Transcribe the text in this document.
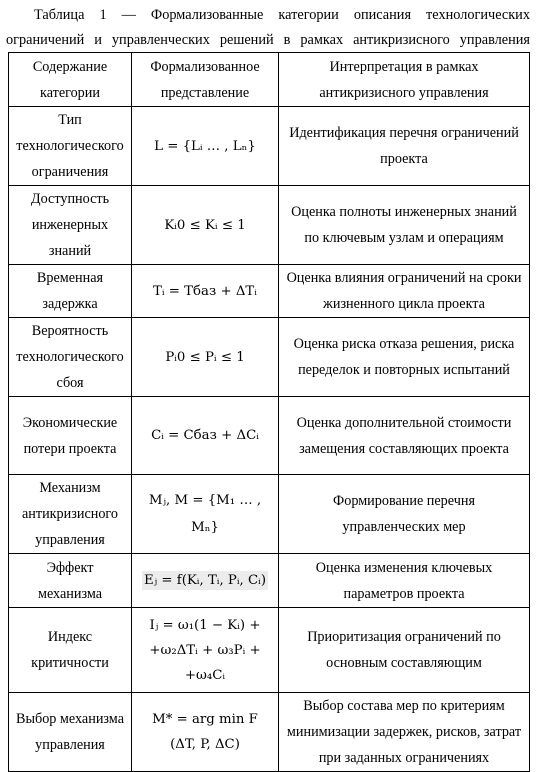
Таблица 1 — Формализованные категории описания технологических
ограничений и управленческих решений в рамках антикризисного управления
Содержание категории	Формализованное представление	Интерпретация в рамках антикризисного управления
Тип технологического ограничения	L = {Lᵢ … , Lₙ}	Идентификация перечня ограничений проекта
Доступность инженерных знаний	Kᵢ0 ≤ Kᵢ ≤ 1	Оценка полноты инженерных знаний по ключевым узлам и операциям
Временная задержка	Tᵢ = Tбаз + ΔTᵢ	Оценка влияния ограничений на сроки жизненного цикла проекта
Вероятность технологического сбоя	Pᵢ0 ≤ Pᵢ ≤ 1	Оценка риска отказа решения, риска переделок и повторных испытаний
Экономические потери проекта	Cᵢ = Cбаз + ΔCᵢ	Оценка дополнительной стоимости замещения составляющих проекта
Механизм антикризисного управления	Mⱼ, M = {M₁ … , Mₙ}	Формирование перечня управленческих мер
Эффект механизма	Eⱼ = f(Kᵢ, Tᵢ, Pᵢ, Cᵢ)	Оценка изменения ключевых параметров проекта
Индекс критичности	Iⱼ = ω₁(1 − Kᵢ) +
+ω₂ΔTᵢ + ω₃Pᵢ +
+ω₄Cᵢ	Приоритизация ограничений по основным составляющим
Выбор механизма управления	M* = arg min F
(ΔT, P, ΔC)	Выбор состава мер по критериям минимизации задержек, рисков, затрат при заданных ограничениях
